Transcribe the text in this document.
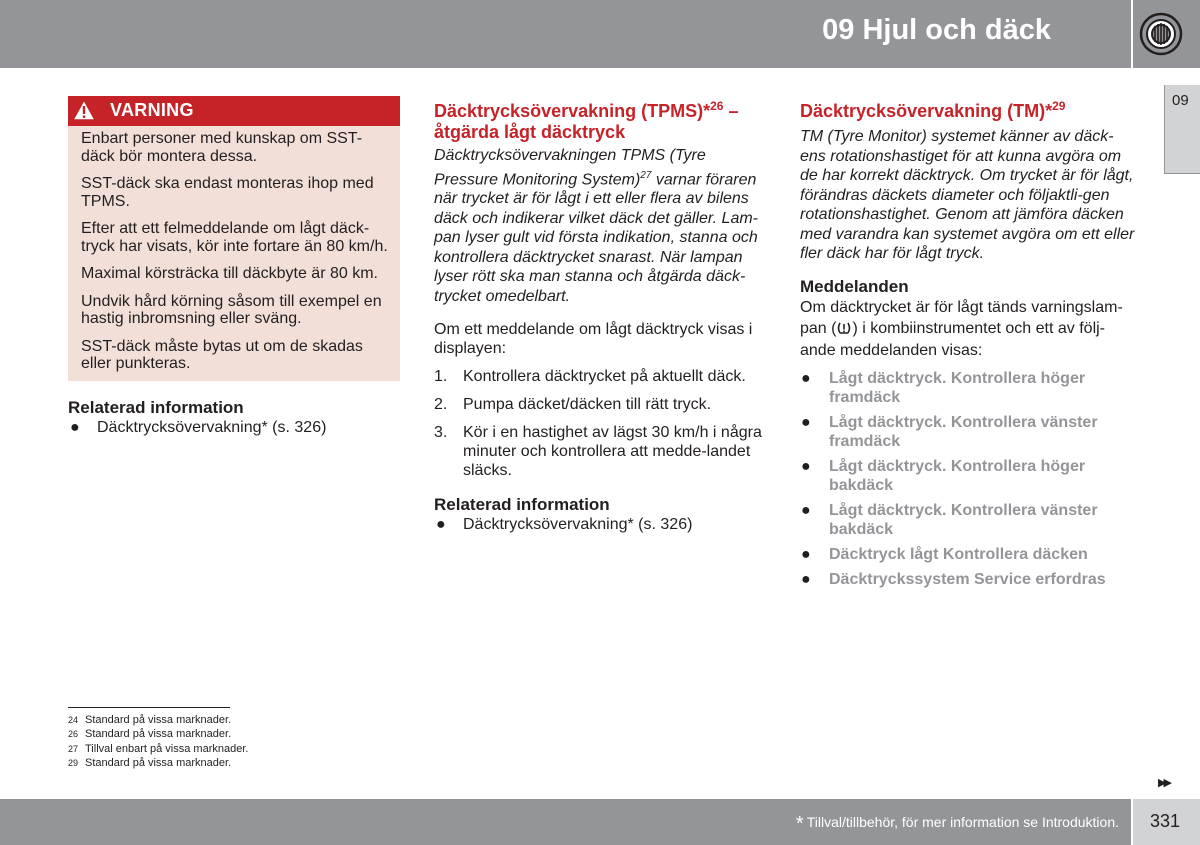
09 Hjul och däck
09
VARNING

Enbart personer med kunskap om SST-däck bör montera dessa.

SST-däck ska endast monteras ihop med TPMS.

Efter att ett felmeddelande om lågt däck-tryck har visats, kör inte fortare än 80 km/h.

Maximal körsträcka till däckbyte är 80 km.

Undvik hård körning såsom till exempel en hastig inbromsning eller sväng.

SST-däck måste bytas ut om de skadas eller punkteras.

Relaterad information

● Däcktrycksövervakning* (s. 326)
Däcktrycksövervakning (TPMS)*$^{26}$ –
åtgärda lågt däcktryck

Däcktrycksövervakningen TPMS (Tyre Pressure Monitoring System)$^{27}$ varnar föraren när trycket är för lågt i ett eller flera av bilens däck och indikerar vilket däck det gäller. Lam-pan lyser gult vid första indikation, stanna och kontrollera däcktrycket snarast. När lampan lyser rött ska man stanna och åtgärda däck-trycket omedelbart.

Om ett meddelande om lågt däcktryck visas i displayen:

1. Kontrollera däcktrycket på aktuellt däck.
2. Pumpa däcket/däcken till rätt tryck.
3. Kör i en hastighet av lägst 30 km/h i några minuter och kontrollera att medde-landet släcks.

Relaterad information

● Däcktrycksövervakning* (s. 326)
Däcktrycksövervakning (TM)*$^{29}$

TM (Tyre Monitor) systemet känner av däck-ens rotationshastiget för att kunna avgöra om de har korrekt däcktryck. Om trycket är för lågt, förändras däckets diameter och följaktli-gen rotationshastighet. Genom att jämföra däcken med varandra kan systemet avgöra om ett eller fler däck har för lågt tryck.

Meddelanden

Om däcktrycket är för lågt tänds varningslam-pan ( ) i kombiinstrumentet och ett av följ-ande meddelanden visas:

● Lågt däcktryck. Kontrollera höger framdäck
● Lågt däcktryck. Kontrollera vänster framdäck
● Lågt däcktryck. Kontrollera höger bakdäck
● Lågt däcktryck. Kontrollera vänster bakdäck
● Däcktryck lågt Kontrollera däcken
● Däcktryckssystem Service erfordras
24 Standard på vissa marknader.
26 Standard på vissa marknader.
27 Tillval enbart på vissa marknader.
29 Standard på vissa marknader.
▶▶
* Tillval/tillbehör, för mer information se Introduktion. 331
